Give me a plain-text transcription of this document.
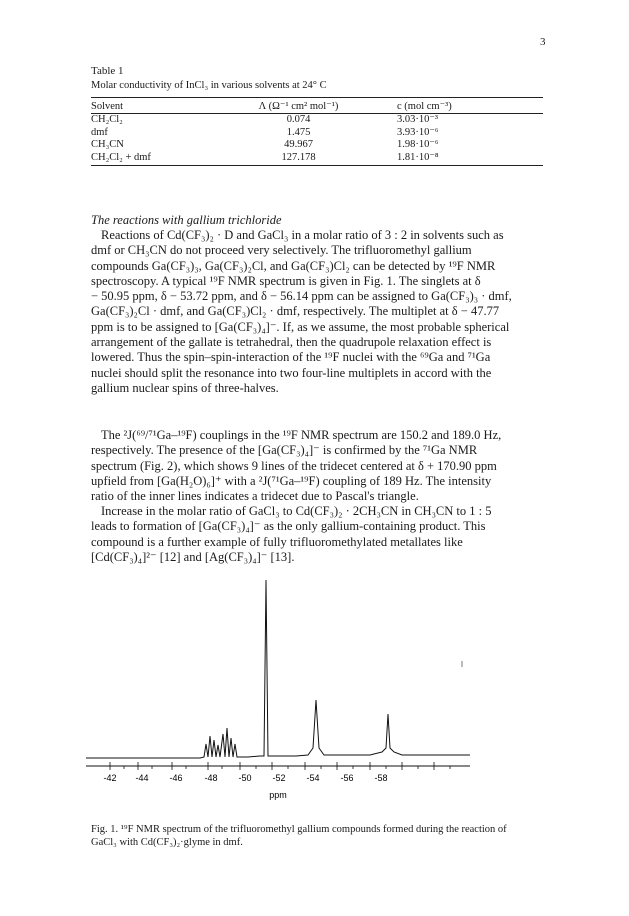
3
Table 1
Molar conductivity of InCl₃ in various solvents at 24° C
Solvent	Λ (Ω⁻¹ cm² mol⁻¹)	c (mol cm⁻³)
CH₂Cl₂	0.074	3.03·10⁻³
dmf	1.475	3.93·10⁻⁶
CH₃CN	49.967	1.98·10⁻⁶
CH₂Cl₂ + dmf	127.178	1.81·10⁻⁸
The reactions with gallium trichloride

Reactions of Cd(CF₃)₂ · D and GaCl₃ in a molar ratio of 3 : 2 in solvents such as
dmf or CH₃CN do not proceed very selectively. The trifluoromethyl gallium
compounds Ga(CF₃)₃, Ga(CF₃)₂Cl, and Ga(CF₃)Cl₂ can be detected by ¹⁹F NMR
spectroscopy. A typical ¹⁹F NMR spectrum is given in Fig. 1. The singlets at δ
− 50.95 ppm, δ − 53.72 ppm, and δ − 56.14 ppm can be assigned to Ga(CF₃)₃ · dmf,
Ga(CF₃)₂Cl · dmf, and Ga(CF₃)Cl₂ · dmf, respectively. The multiplet at δ − 47.77
ppm is to be assigned to [Ga(CF₃)₄]⁻. If, as we assume, the most probable spherical
arrangement of the gallate is tetrahedral, then the quadrupole relaxation effect is
lowered. Thus the spin–spin-interaction of the ¹⁹F nuclei with the ⁶⁹Ga and ⁷¹Ga
nuclei should split the resonance into two four-line multiplets in accord with the
gallium nuclear spins of three-halves.

The ²J(⁶⁹/⁷¹Ga–¹⁹F) couplings in the ¹⁹F NMR spectrum are 150.2 and 189.0 Hz,
respectively. The presence of the [Ga(CF₃)₄]⁻ is confirmed by the ⁷¹Ga NMR
spectrum (Fig. 2), which shows 9 lines of the tridecet centered at δ + 170.90 ppm
upfield from [Ga(H₂O)₆]⁺ with a ²J(⁷¹Ga–¹⁹F) coupling of 189 Hz. The intensity
ratio of the inner lines indicates a tridecet due to Pascal's triangle.

Increase in the molar ratio of GaCl₃ to Cd(CF₃)₂ · 2CH₃CN in CH₃CN to 1 : 5
leads to formation of [Ga(CF₃)₄]⁻ as the only gallium-containing product. This
compound is a further example of fully trifluoromethylated metallates like
[Cd(CF₃)₄]²⁻ [12] and [Ag(CF₃)₄]⁻ [13].

-42 -44 -46 -48 -50 -52 -54 -56 -58
ppm

Fig. 1. ¹⁹F NMR spectrum of the trifluoromethyl gallium compounds formed during the reaction of
GaCl₃ with Cd(CF₃)₂·glyme in dmf.
